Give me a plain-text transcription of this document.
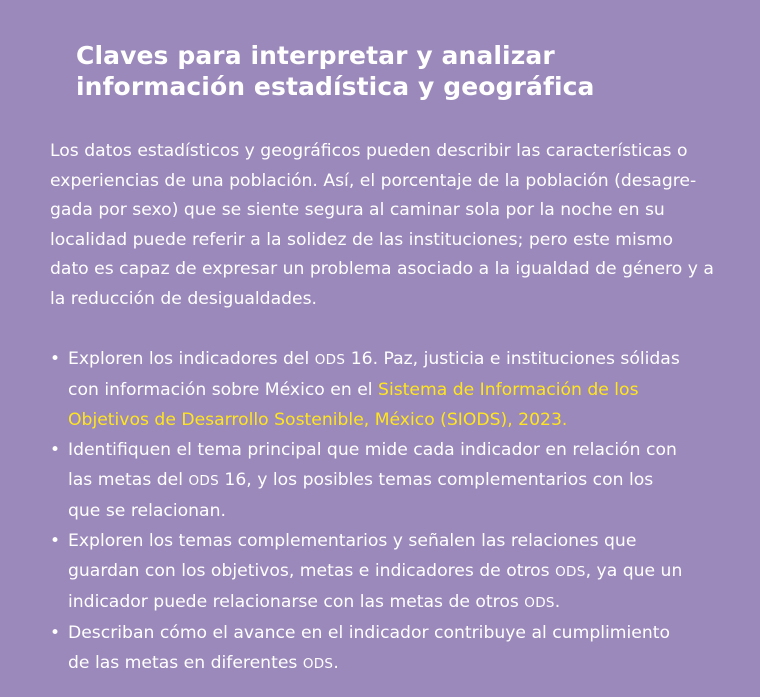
Claves para interpretar y analizar información estadística y geográfica

Los datos estadísticos y geográficos pueden describir las características o experiencias de una población. Así, el porcentaje de la población (desagre-gada por sexo) que se siente segura al caminar sola por la noche en su localidad puede referir a la solidez de las instituciones; pero este mismo dato es capaz de expresar un problema asociado a la igualdad de género y a la reducción de desigualdades.

• Exploren los indicadores del ODS 16. Paz, justicia e instituciones sólidas con información sobre México en el Sistema de Información de los Objetivos de Desarrollo Sostenible, México (SIODS), 2023.
• Identifiquen el tema principal que mide cada indicador en relación con las metas del ODS 16, y los posibles temas complementarios con los que se relacionan.
• Exploren los temas complementarios y señalen las relaciones que guardan con los objetivos, metas e indicadores de otros ODS, ya que un indicador puede relacionarse con las metas de otros ODS.
• Describan cómo el avance en el indicador contribuye al cumplimiento de las metas en diferentes ODS.
